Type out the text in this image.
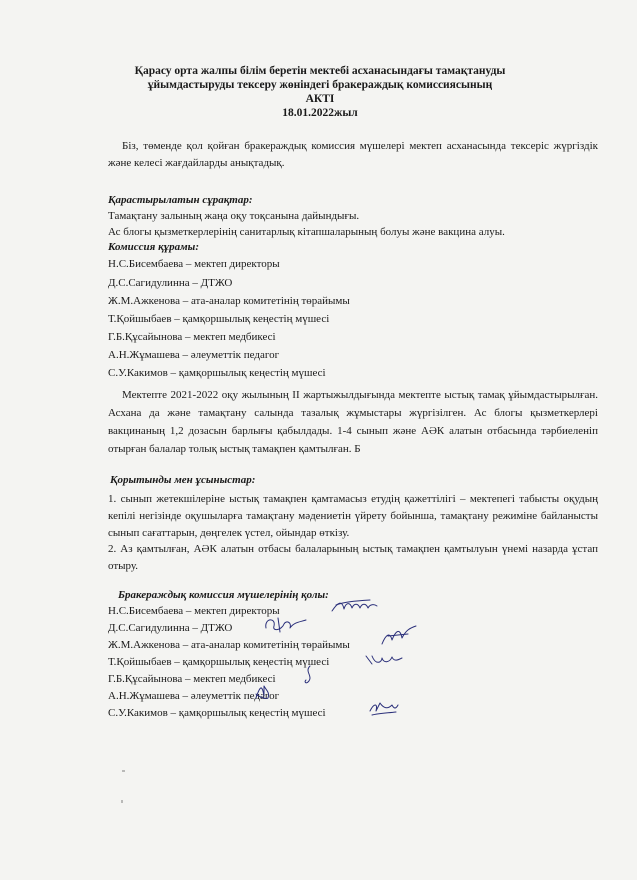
Қарасу орта жалпы білім беретін мектебі асханасындағы тамақтануды
ұйымдастыруды тексеру жөніндегі бракераждық комиссиясының
АКТІ
18.01.2022жыл
Біз, төменде қол қойған бракераждық комиссия мүшелері мектеп асханасында тексеріс жүргіздік және келесі жағдайларды анықтадық.
Қарастырылатын сұрақтар:
Тамақтану залының жаңа оқу тоқсанына дайындығы.
Ас блогы қызметкерлерінің санитарлық кітапшаларының болуы және вакцина алуы.
Комиссия құрамы:
Н.С.Бисембаева – мектеп директоры
Д.С.Сагидулинна – ДТЖО
Ж.М.Ажкенова – ата-аналар комитетінің төрайымы
Т.Қойшыбаев – қамқоршылық кеңестің мүшесі
Г.Б.Құсайынова – мектеп медбикесі
А.Н.Жұмашева – әлеуметтік педагог
С.У.Какимов – қамқоршылық кеңестің мүшесі
Мектепте 2021-2022 оқу жылының II жартыжылдығында мектепте ыстық тамақ ұйымдастырылған. Асхана да және тамақтану салында тазалық жұмыстары жүргізілген. Ас блогы қызметкерлері вакцинаның 1,2 дозасын барлығы қабылдады. 1-4 сынып және АӘК алатын отбасында тәрбиеленіп отырған балалар толық ыстық тамақпен қамтылған. Б
Қорытынды мен ұсыныстар:
1. сынып жетекшілеріне ыстық тамақпен қамтамасыз етудің қажеттілігі – мектепегі табысты оқудың кепілі негізінде оқушыларға тамақтану мәдениетін үйрету бойынша, тамақтану режиміне байланысты сынып сағаттарын, дөңгелек үстел, ойындар өткізу.
2. Аз қамтылған, АӘК алатын отбасы балаларының ыстық тамақпен қамтылуын үнемі назарда ұстап отыру.
Бракераждық комиссия мүшелерінің қолы:
Н.С.Бисембаева – мектеп директоры
Д.С.Сагидулинна – ДТЖО
Ж.М.Ажкенова – ата-аналар комитетінің төрайымы
Т.Қойшыбаев – қамқоршылық кеңестің мүшесі
Г.Б.Құсайынова – мектеп медбикесі
А.Н.Жұмашева – әлеуметтік педагог
С.У.Какимов – қамқоршылық кеңестің мүшесі
